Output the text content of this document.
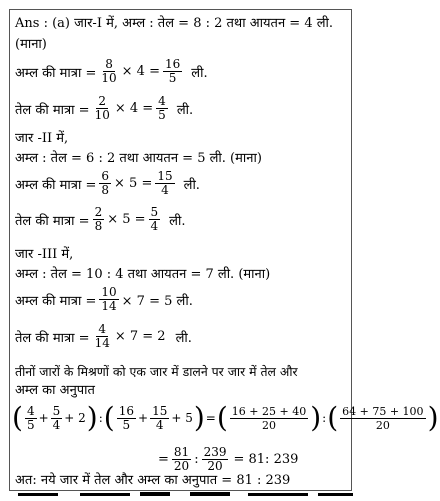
Ans : (a) जार-I में, अम्ल : तेल = 8 : 2 तथा आयतन = 4 ली.
(माना)
अम्ल की मात्रा = $\frac{8}{10} \times 4 = \frac{16}{5}$ ली.
तेल की मात्रा = $\frac{2}{10} \times 4 = \frac{4}{5}$ ली.
जार -II में,
अम्ल : तेल = 6 : 2 तथा आयतन = 5 ली. (माना)
अम्ल की मात्रा = $\frac{6}{8} \times 5 = \frac{15}{4}$ ली.
तेल की मात्रा = $\frac{2}{8} \times 5 = \frac{5}{4}$ ली.
जार -III में,
अम्ल : तेल = 10 : 4 तथा आयतन = 7 ली. (माना)
अम्ल की मात्रा = $\frac{10}{14} \times 7 = 5$ ली.
तेल की मात्रा = $\frac{4}{14} \times 7 = 2$ ली.
तीनों जारों के मिश्रणों को एक जार में डालने पर जार में तेल और
अम्ल का अनुपात
( $\frac{4}{5} + \frac{5}{4} + 2$ ) : ( $\frac{16}{5} + \frac{15}{4} + 5$ ) = ( $\frac{16 + 25 + 40}{20}$ ) : ( $\frac{64 + 75 + 100}{20}$ )
= $\frac{81}{20}$ : $\frac{239}{20} = 81$: 239
अत: नये जार में तेल और अम्ल का अनुपात = 81 : 239
